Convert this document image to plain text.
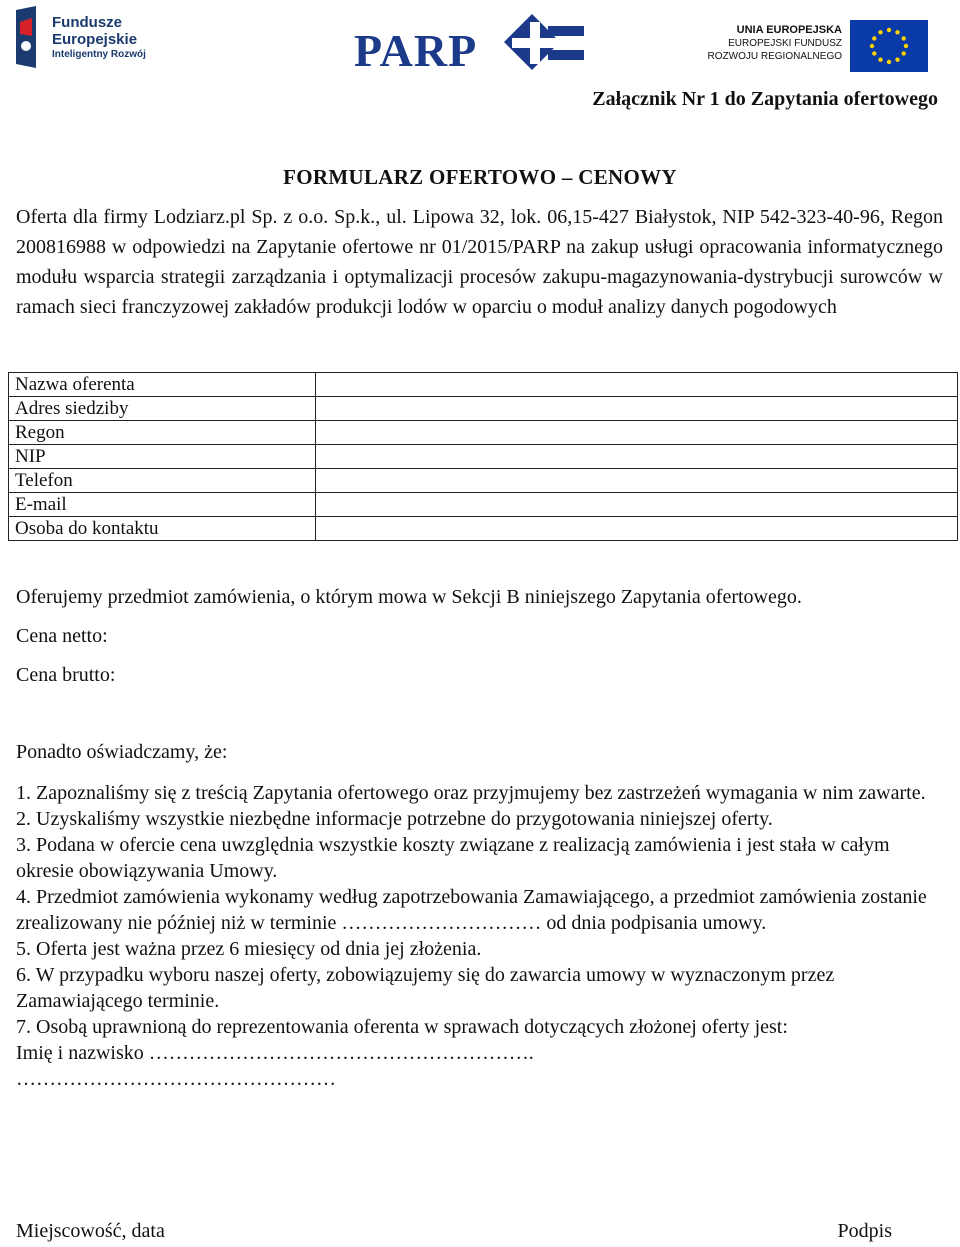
Fundusze
Europejskie
Inteligentny Rozwój	PARP	UNIA EUROPEJSKA
EUROPEJSKI FUNDUSZ
ROZWOJU REGIONALNEGO
Załącznik Nr 1 do Zapytania ofertowego
FORMULARZ OFERTOWO – CENOWY
Oferta dla firmy Lodziarz.pl Sp. z o.o. Sp.k., ul. Lipowa 32, lok. 06,15-427 Białystok, NIP 542-323-40-96, Regon 200816988 w odpowiedzi na Zapytanie ofertowe nr 01/2015/PARP na zakup usługi opracowania informatycznego modułu wsparcia strategii zarządzania i optymalizacji procesów zakupu-magazynowania-dystrybucji surowców w ramach sieci franczyzowej zakładów produkcji lodów w oparciu o moduł analizy danych pogodowych
Nazwa oferenta	
Adres siedziby	
Regon	
NIP	
Telefon	
E-mail	
Osoba do kontaktu	
Oferujemy przedmiot zamówienia, o którym mowa w Sekcji B niniejszego Zapytania ofertowego.
Cena netto:
Cena brutto:
Ponadto oświadczamy, że:
1. Zapoznaliśmy się z treścią Zapytania ofertowego oraz przyjmujemy bez zastrzeżeń wymagania w nim zawarte.
2. Uzyskaliśmy wszystkie niezbędne informacje potrzebne do przygotowania niniejszej oferty.
3. Podana w ofercie cena uwzględnia wszystkie koszty związane z realizacją zamówienia i jest stała w całym okresie obowiązywania Umowy.
4. Przedmiot zamówienia wykonamy według zapotrzebowania Zamawiającego, a przedmiot zamówienia zostanie zrealizowany nie później niż w terminie ………………………… od dnia podpisania umowy.
5. Oferta jest ważna przez 6 miesięcy od dnia jej złożenia.
6. W przypadku wyboru naszej oferty, zobowiązujemy się do zawarcia umowy w wyznaczonym przez Zamawiającego terminie.
7. Osobą uprawnioną do reprezentowania oferenta w sprawach dotyczących złożonej oferty jest:
Imię i nazwisko ………………………………………………….
…………………………………………
Miejscowość, data	Podpis
